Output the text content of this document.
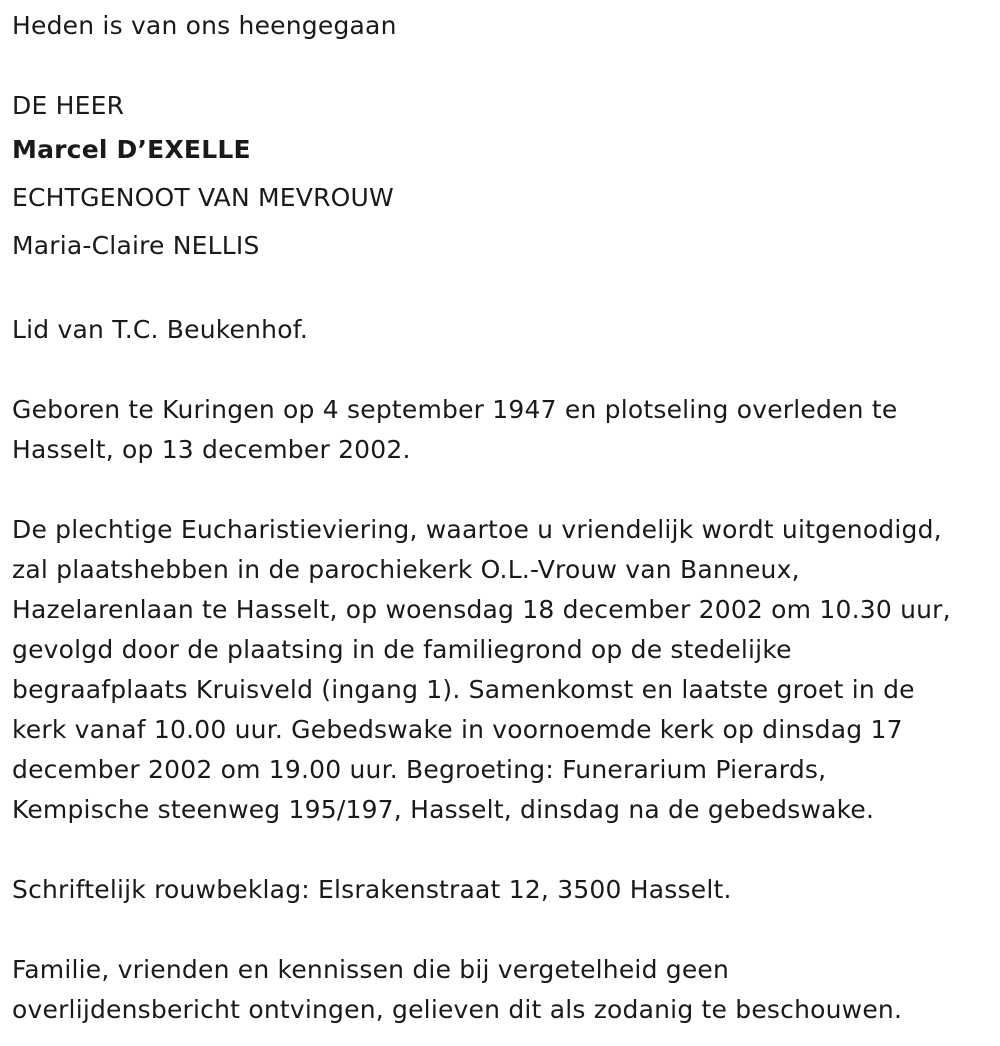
Heden is van ons heengegaan
DE HEER
Marcel D’EXELLE
ECHTGENOOT VAN MEVROUW
Maria-Claire NELLIS
Lid van T.C. Beukenhof.
Geboren te Kuringen op 4 september 1947 en plotseling overleden te
Hasselt, op 13 december 2002.
De plechtige Eucharistieviering, waartoe u vriendelijk wordt uitgenodigd,
zal plaatshebben in de parochiekerk O.L.-Vrouw van Banneux,
Hazelarenlaan te Hasselt, op woensdag 18 december 2002 om 10.30 uur,
gevolgd door de plaatsing in de familiegrond op de stedelijke
begraafplaats Kruisveld (ingang 1). Samenkomst en laatste groet in de
kerk vanaf 10.00 uur. Gebedswake in voornoemde kerk op dinsdag 17
december 2002 om 19.00 uur. Begroeting: Funerarium Pierards,
Kempische steenweg 195/197, Hasselt, dinsdag na de gebedswake.
Schriftelijk rouwbeklag: Elsrakenstraat 12, 3500 Hasselt.
Familie, vrienden en kennissen die bij vergetelheid geen
overlijdensbericht ontvingen, gelieven dit als zodanig te beschouwen.
